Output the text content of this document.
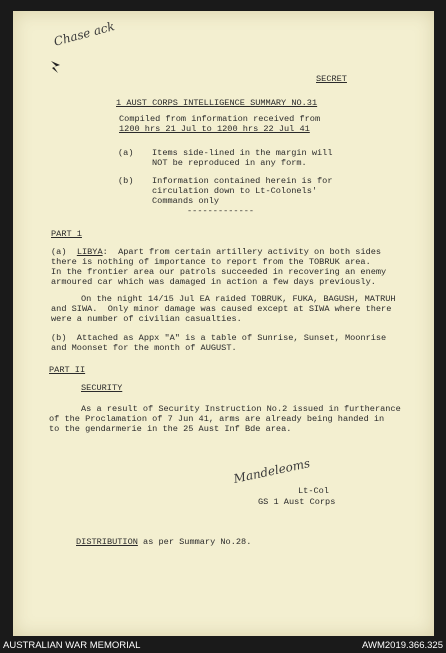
Chase ack
SECRET
1 AUST CORPS INTELLIGENCE SUMMARY NO.31
Compiled from information received from
1200 hrs 21 Jul to 1200 hrs 22 Jul 41
(a) Items side-lined in the margin will
NOT be reproduced in any form.
(b) Information contained herein is for
circulation down to Lt-Colonels'
Commands only
-------------
PART 1
(a) LIBYA:  Apart from certain artillery activity on both sides
there is nothing of importance to report from the TOBRUK area.
In the frontier area our patrols succeeded in recovering an enemy
armoured car which was damaged in action a few days previously.
On the night 14/15 Jul EA raided TOBRUK, FUKA, BAGUSH, MATRUH
and SIWA.  Only minor damage was caused except at SIWA where there
were a number of civilian casualties.
(b)  Attached as Appx "A" is a table of Sunrise, Sunset, Moonrise
and Moonset for the month of AUGUST.
PART II
SECURITY
As a result of Security Instruction No.2 issued in furtherance
of the Proclamation of 7 Jun 41, arms are already being handed in
to the gendarmerie in the 25 Aust Inf Bde area.
Mandeleoms
Lt-Col
GS 1 Aust Corps
DISTRIBUTION as per Summary No.28.
AUSTRALIAN WAR MEMORIAL	AWM2019.366.325
